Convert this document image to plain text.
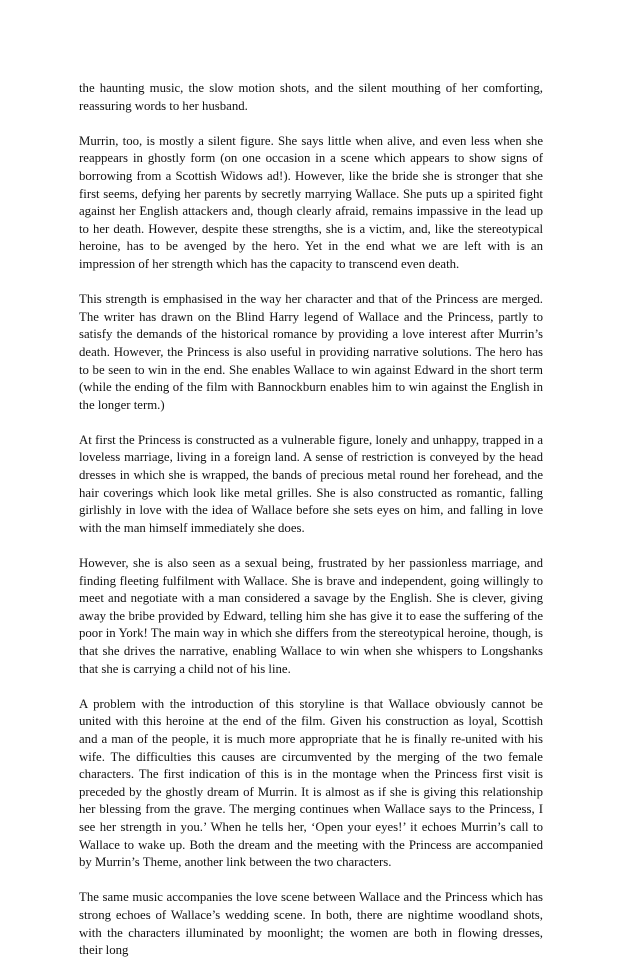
the haunting music, the slow motion shots, and the silent mouthing of her comforting, reassuring words to her husband.

Murrin, too, is mostly a silent figure. She says little when alive, and even less when she reappears in ghostly form (on one occasion in a scene which appears to show signs of borrowing from a Scottish Widows ad!). However, like the bride she is stronger that she first seems, defying her parents by secretly marrying Wallace. She puts up a spirited fight against her English attackers and, though clearly afraid, remains impassive in the lead up to her death. However, despite these strengths, she is a victim, and, like the stereotypical heroine, has to be avenged by the hero. Yet in the end what we are left with is an impression of her strength which has the capacity to transcend even death.

This strength is emphasised in the way her character and that of the Princess are merged. The writer has drawn on the Blind Harry legend of Wallace and the Princess, partly to satisfy the demands of the historical romance by providing a love interest after Murrin’s death. However, the Princess is also useful in providing narrative solutions. The hero has to be seen to win in the end. She enables Wallace to win against Edward in the short term (while the ending of the film with Bannockburn enables him to win against the English in the longer term.)

At first the Princess is constructed as a vulnerable figure, lonely and unhappy, trapped in a loveless marriage, living in a foreign land. A sense of restriction is conveyed by the head dresses in which she is wrapped, the bands of precious metal round her forehead, and the hair coverings which look like metal grilles. She is also constructed as romantic, falling girlishly in love with the idea of Wallace before she sets eyes on him, and falling in love with the man himself immediately she does.

However, she is also seen as a sexual being, frustrated by her passionless marriage, and finding fleeting fulfilment with Wallace. She is brave and independent, going willingly to meet and negotiate with a man considered a savage by the English. She is clever, giving away the bribe provided by Edward, telling him she has give it to ease the suffering of the poor in York! The main way in which she differs from the stereotypical heroine, though, is that she drives the narrative, enabling Wallace to win when she whispers to Longshanks that she is carrying a child not of his line.

A problem with the introduction of this storyline is that Wallace obviously cannot be united with this heroine at the end of the film. Given his construction as loyal, Scottish and a man of the people, it is much more appropriate that he is finally re-united with his wife. The difficulties this causes are circumvented by the merging of the two female characters. The first indication of this is in the montage when the Princess first visit is preceded by the ghostly dream of Murrin. It is almost as if she is giving this relationship her blessing from the grave. The merging continues when Wallace says to the Princess, I see her strength in you.’ When he tells her, ‘Open your eyes!’ it echoes Murrin’s call to Wallace to wake up. Both the dream and the meeting with the Princess are accompanied by Murrin’s Theme, another link between the two characters.

The same music accompanies the love scene between Wallace and the Princess which has strong echoes of Wallace’s wedding scene. In both, there are nightime woodland shots, with the characters illuminated by moonlight; the women are both in flowing dresses, their long
